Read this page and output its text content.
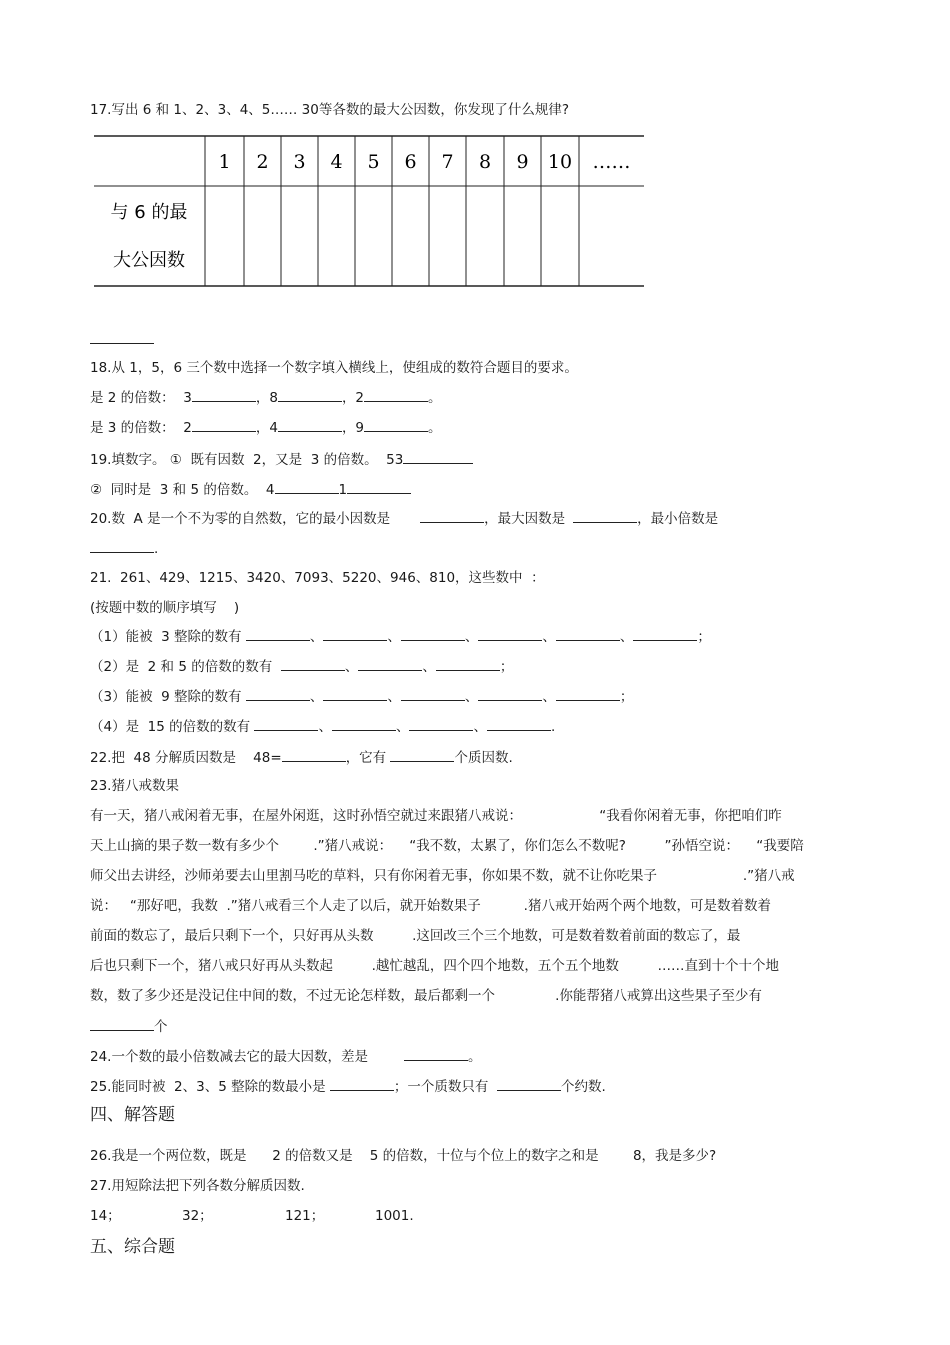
17.写出 6 和 1、2、3、4、5…… 30等各数的最大公因数，你发现了什么规律?
1 2 3 4 5 6 7 8 9 10 ……
与 6 的最
大公因数
18.从 1，5，6 三个数中选择一个数字填入横线上，使组成的数符合题目的要求。
是 2 的倍数：  3	，8	，2	。
是 3 的倍数：  2	，4	，9	。
19.填数字。 ①  既有因数  2，又是  3 的倍数。  53
②  同时是  3 和 5 的倍数。  4	1
20.数  A 是一个不为零的自然数，它的最小因数是	，最大因数是	，最小倍数是
.
21.  261、429、1215、3420、7093、5220、946、810，这些数中  ：
(按题中数的顺序填写    )
（1）能被  3 整除的数有	、	、	、	、	、	；
（2）是  2 和 5 的倍数的数有	、	、	；
（3）能被  9 整除的数有	、	、	、	、	；
（4）是  15 的倍数的数有	、	、	、	.
22.把  48 分解质因数是    48=	，它有	个质因数.
23.猪八戒数果
有一天，猪八戒闲着无事，在屋外闲逛，这时孙悟空就过来跟猪八戒说：                  “我看你闲着无事，你把咱们昨
天上山摘的果子数一数有多少个        .”猪八戒说：    “我不数，太累了，你们怎么不数呢?         ”孙悟空说：    “我要陪
师父出去讲经，沙师弟要去山里割马吃的草料，只有你闲着无事，你如果不数，就不让你吃果子                    .”猪八戒
说：   “那好吧，我数  .”猪八戒看三个人走了以后，就开始数果子          .猪八戒开始两个两个地数，可是数着数着
前面的数忘了，最后只剩下一个，只好再从头数         .这回改三个三个地数，可是数着数着前面的数忘了，最
后也只剩下一个，猪八戒只好再从头数起         .越忙越乱，四个四个地数，五个五个地数         ……直到十个十个地
数，数了多少还是没记住中间的数，不过无论怎样数，最后都剩一个              .你能帮猪八戒算出这些果子至少有
个
24.一个数的最小倍数减去它的最大因数，差是	。
25.能同时被  2、3、5 整除的数最小是	；一个质数只有	个约数.
四、解答题
26.我是一个两位数，既是      2 的倍数又是    5 的倍数，十位与个位上的数字之和是        8，我是多少?
27.用短除法把下列各数分解质因数.
14；	32；	121；	1001.
五、综合题
